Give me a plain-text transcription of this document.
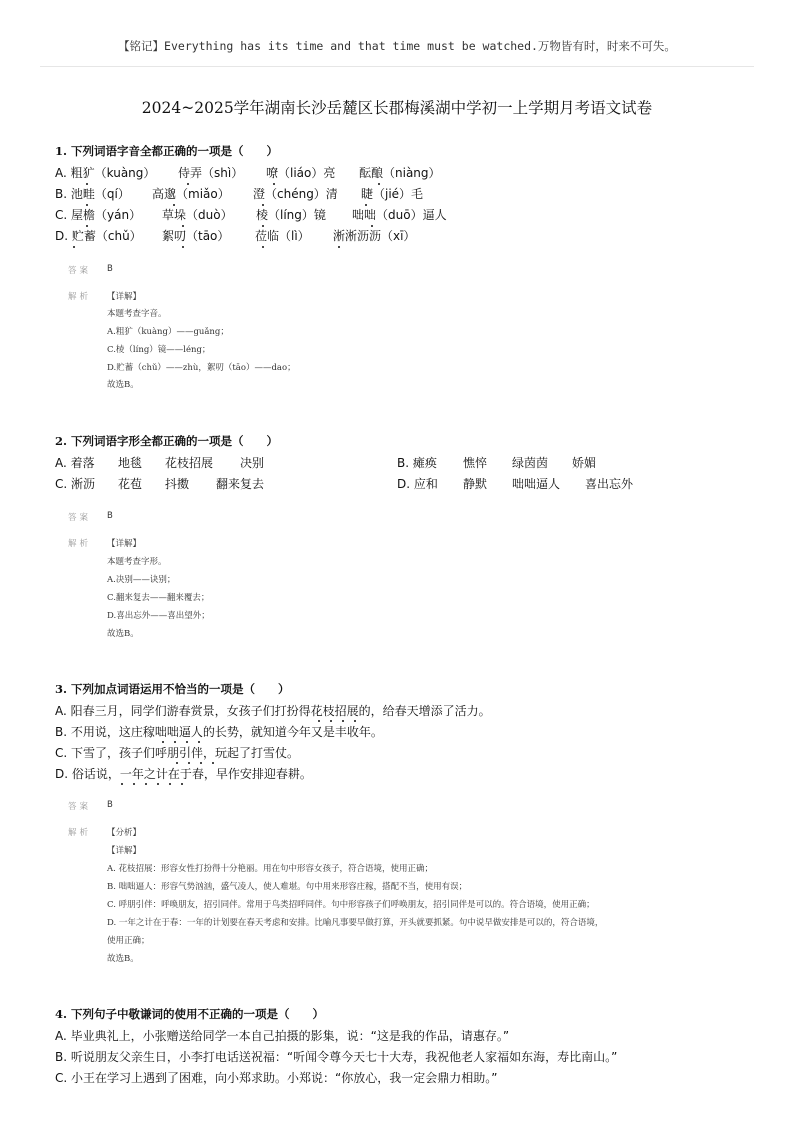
【铭记】Everything has its time and that time must be watched.万物皆有时，时来不可失。
2024~2025学年湖南长沙岳麓区长郡梅溪湖中学初一上学期月考语文试卷
1. 下列词语字音全都正确的一项是（　　）
A. 粗犷（kuàng） 侍弄（shì） 嘹（liáo）亮 酝酿（niàng）
B. 池畦（qí） 高邈（miǎo） 澄（chéng）清 睫（jié）毛
C. 屋檐（yán） 草垛（duò） 棱（líng）镜 咄咄（duō）逼人
D. 贮蓄（chǔ） 絮叨（tāo） 莅临（lì） 淅淅沥沥（xī）
答案 B
解析 【详解】
本题考查字音。
A.粗犷（kuàng）——guǎng；
C.棱（líng）镜——léng；
D.贮蓄（chǔ）——zhù，絮叨（tāo）——dao；
故选B。
2. 下列词语字形全都正确的一项是（　　）
A. 着落 地毯 花枝招展 决别	B. 瘫痪 憔悴 绿茵茵 娇媚
C. 淅沥 花苞 抖擞 翻来复去	D. 应和 静默 咄咄逼人 喜出忘外
答案 B
解析 【详解】
本题考查字形。
A.决别——诀别；
C.翻来复去——翻来覆去；
D.喜出忘外——喜出望外；
故选B。
3. 下列加点词语运用不恰当的一项是（　　）
A. 阳春三月，同学们游春赏景，女孩子们打扮得花枝招展的，给春天增添了活力。
B. 不用说，这庄稼咄咄逼人的长势，就知道今年又是丰收年。
C. 下雪了，孩子们呼朋引伴，玩起了打雪仗。
D. 俗话说，一年之计在于春，早作安排迎春耕。
答案 B
解析 【分析】
【详解】
A. 花枝招展：形容女性打扮得十分艳丽。用在句中形容女孩子，符合语境，使用正确；
B. 咄咄逼人：形容气势汹汹，盛气凌人，使人难堪。句中用来形容庄稼，搭配不当，使用有误；
C. 呼朋引伴：呼唤朋友，招引同伴。常用于鸟类招呼同伴。句中形容孩子们呼唤朋友，招引同伴是可以的。符合语境，使用正确；
D. 一年之计在于春：一年的计划要在春天考虑和安排。比喻凡事要早做打算，开头就要抓紧。句中说早做安排是可以的，符合语境，
使用正确；
故选B。
4. 下列句子中敬谦词的使用不正确的一项是（　　）
A. 毕业典礼上，小张赠送给同学一本自己拍摄的影集，说：“这是我的作品，请惠存。”
B. 听说朋友父亲生日，小李打电话送祝福：“听闻令尊今天七十大寿，我祝他老人家福如东海，寿比南山。”
C. 小王在学习上遇到了困难，向小郑求助。小郑说：“你放心，我一定会鼎力相助。”
